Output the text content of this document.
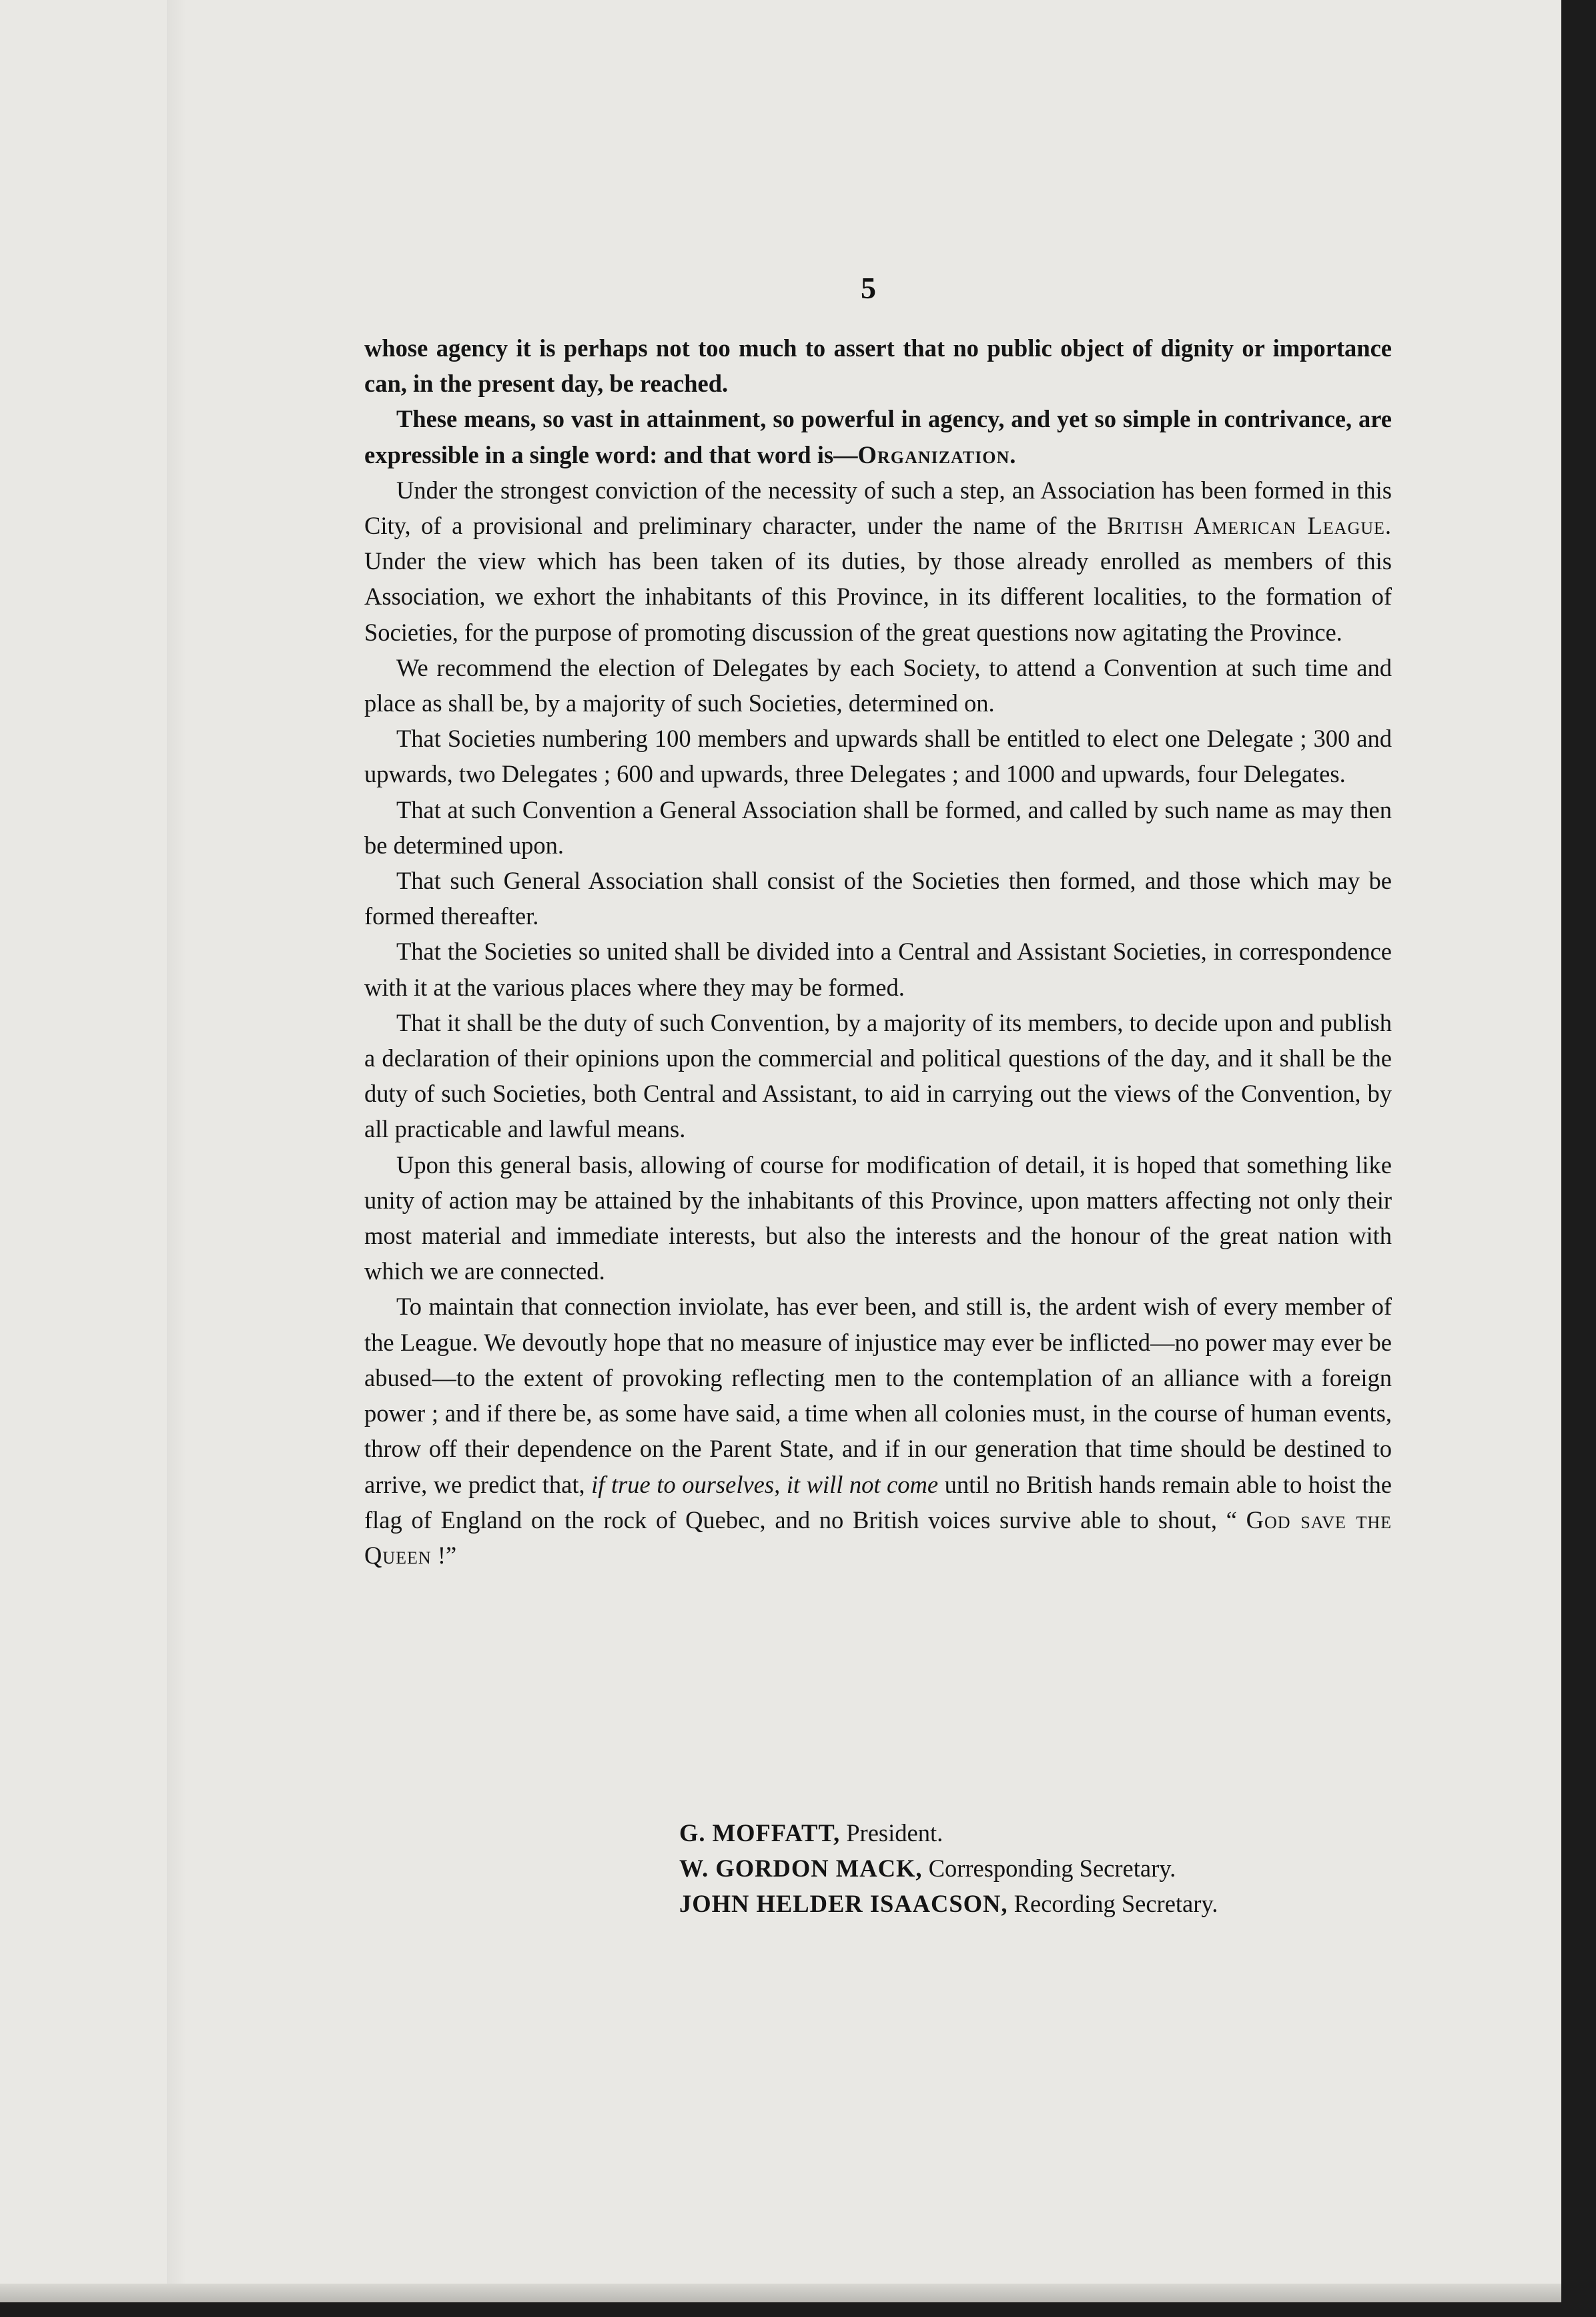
5

whose agency it is perhaps not too much to assert that no public object of dignity or importance can, in the present day, be reached.

These means, so vast in attainment, so powerful in agency, and yet so simple in contrivance, are expressible in a single word: and that word is—Organization.

Under the strongest conviction of the necessity of such a step, an Association has been formed in this City, of a provisional and preliminary character, under the name of the British American League. Under the view which has been taken of its duties, by those already enrolled as members of this Association, we exhort the inhabitants of this Province, in its different localities, to the formation of Societies, for the purpose of promoting discussion of the great questions now agitating the Province.

We recommend the election of Delegates by each Society, to attend a Convention at such time and place as shall be, by a majority of such Societies, determined on.

That Societies numbering 100 members and upwards shall be entitled to elect one Delegate ; 300 and upwards, two Delegates ; 600 and upwards, three Delegates ; and 1000 and upwards, four Delegates.

That at such Convention a General Association shall be formed, and called by such name as may then be determined upon.

That such General Association shall consist of the Societies then formed, and those which may be formed thereafter.

That the Societies so united shall be divided into a Central and Assistant Societies, in correspondence with it at the various places where they may be formed.

That it shall be the duty of such Convention, by a majority of its members, to decide upon and publish a declaration of their opinions upon the commercial and political questions of the day, and it shall be the duty of such Societies, both Central and Assistant, to aid in carrying out the views of the Convention, by all practicable and lawful means.

Upon this general basis, allowing of course for modification of detail, it is hoped that something like unity of action may be attained by the inhabitants of this Province, upon matters affecting not only their most material and immediate interests, but also the interests and the honour of the great nation with which we are connected.

To maintain that connection inviolate, has ever been, and still is, the ardent wish of every member of the League. We devoutly hope that no measure of injustice may ever be inflicted—no power may ever be abused—to the extent of provoking reflecting men to the contemplation of an alliance with a foreign power ; and if there be, as some have said, a time when all colonies must, in the course of human events, throw off their dependence on the Parent State, and if in our generation that time should be destined to arrive, we predict that, if true to ourselves, it will not come until no British hands remain able to hoist the flag of England on the rock of Quebec, and no British voices survive able to shout, “ God save the Queen !”

G. MOFFATT, President.
W. GORDON MACK, Corresponding Secretary.
JOHN HELDER ISAACSON, Recording Secretary.
